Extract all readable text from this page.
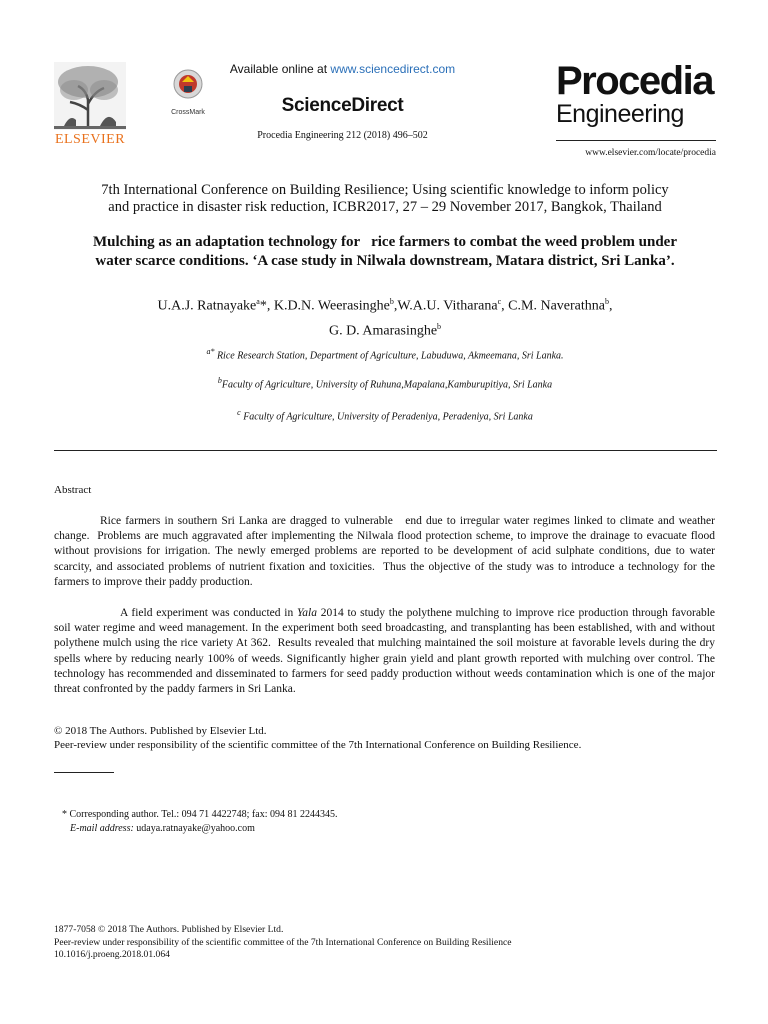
ELSEVIER
CrossMark
Available online at www.sciencedirect.com
ScienceDirect
Procedia Engineering 212 (2018) 496–502
Procedia
Engineering
www.elsevier.com/locate/procedia
7th International Conference on Building Resilience; Using scientific knowledge to inform policy
and practice in disaster risk reduction, ICBR2017, 27 – 29 November 2017, Bangkok, Thailand
Mulching as an adaptation technology for   rice farmers to combat the weed problem under
water scarce conditions. ‘A case study in Nilwala downstream, Matara district, Sri Lanka’.
U.A.J. Ratnayake$^a$*, K.D.N. Weerasinghe$^b$,W.A.U. Vitharana$^c$, C.M. Naverathna$^b$,
G. D. Amarasinghe$^b$
$^{a*}$ Rice Research Station, Department of Agriculture, Labuduwa, Akmeemana, Sri Lanka.
$^b$Faculty of Agriculture, University of Ruhuna,Mapalana,Kamburupitiya, Sri Lanka
$^c$ Faculty of Agriculture, University of Peradeniya, Peradeniya, Sri Lanka
Abstract
Rice farmers in southern Sri Lanka are dragged to vulnerable   end due to irregular water regimes linked to climate and weather change.  Problems are much aggravated after implementing the Nilwala flood protection scheme, to improve the drainage to evacuate flood without provisions for irrigation. The newly emerged problems are reported to be development of acid sulphate conditions, due to water scarcity, and associated problems of nutrient fixation and toxicities.  Thus the objective of the study was to introduce a technology for the farmers to improve their paddy production.
A field experiment was conducted in Yala 2014 to study the polythene mulching to improve rice production through favorable soil water regime and weed management. In the experiment both seed broadcasting, and transplanting has been established, with and without polythene mulch using the rice variety At 362.  Results revealed that mulching maintained the soil moisture at favorable levels during the dry spells where by reducing nearly 100% of weeds. Significantly higher grain yield and plant growth reported with mulching over control. The technology has recommended and disseminated to farmers for seed paddy production without weeds contamination which is one of the major threat confronted by the paddy farmers in Sri Lanka.
© 2018 The Authors. Published by Elsevier Ltd.
Peer-review under responsibility of the scientific committee of the 7th International Conference on Building Resilience.
* Corresponding author. Tel.: 094 71 4422748; fax: 094 81 2244345.
E-mail address: udaya.ratnayake@yahoo.com
1877-7058 © 2018 The Authors. Published by Elsevier Ltd.
Peer-review under responsibility of the scientific committee of the 7th International Conference on Building Resilience
10.1016/j.proeng.2018.01.064
